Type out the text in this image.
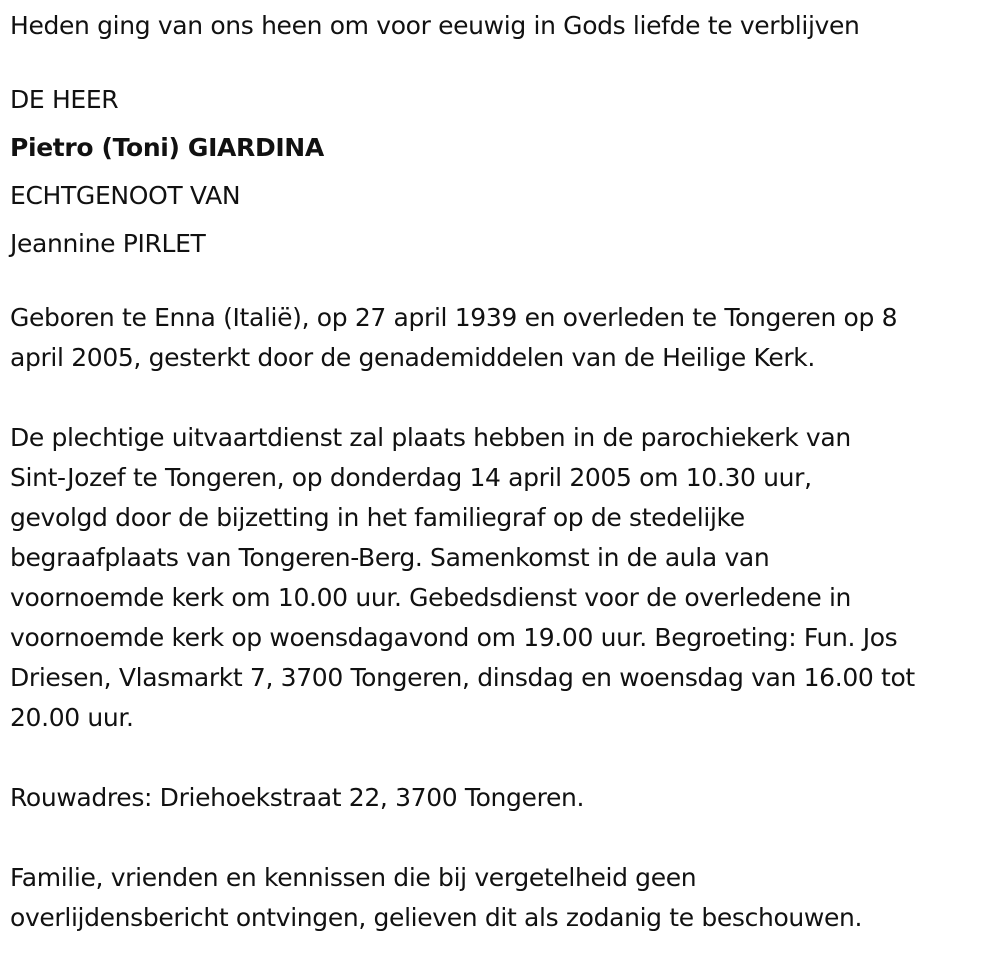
Heden ging van ons heen om voor eeuwig in Gods liefde te verblijven
DE HEER
Pietro (Toni) GIARDINA
ECHTGENOOT VAN
Jeannine PIRLET
Geboren te Enna (Italië), op 27 april 1939 en overleden te Tongeren op 8
april 2005, gesterkt door de genademiddelen van de Heilige Kerk.
De plechtige uitvaartdienst zal plaats hebben in de parochiekerk van
Sint-Jozef te Tongeren, op donderdag 14 april 2005 om 10.30 uur,
gevolgd door de bijzetting in het familiegraf op de stedelijke
begraafplaats van Tongeren-Berg. Samenkomst in de aula van
voornoemde kerk om 10.00 uur. Gebedsdienst voor de overledene in
voornoemde kerk op woensdagavond om 19.00 uur. Begroeting: Fun. Jos
Driesen, Vlasmarkt 7, 3700 Tongeren, dinsdag en woensdag van 16.00 tot
20.00 uur.
Rouwadres: Driehoekstraat 22, 3700 Tongeren.
Familie, vrienden en kennissen die bij vergetelheid geen
overlijdensbericht ontvingen, gelieven dit als zodanig te beschouwen.
